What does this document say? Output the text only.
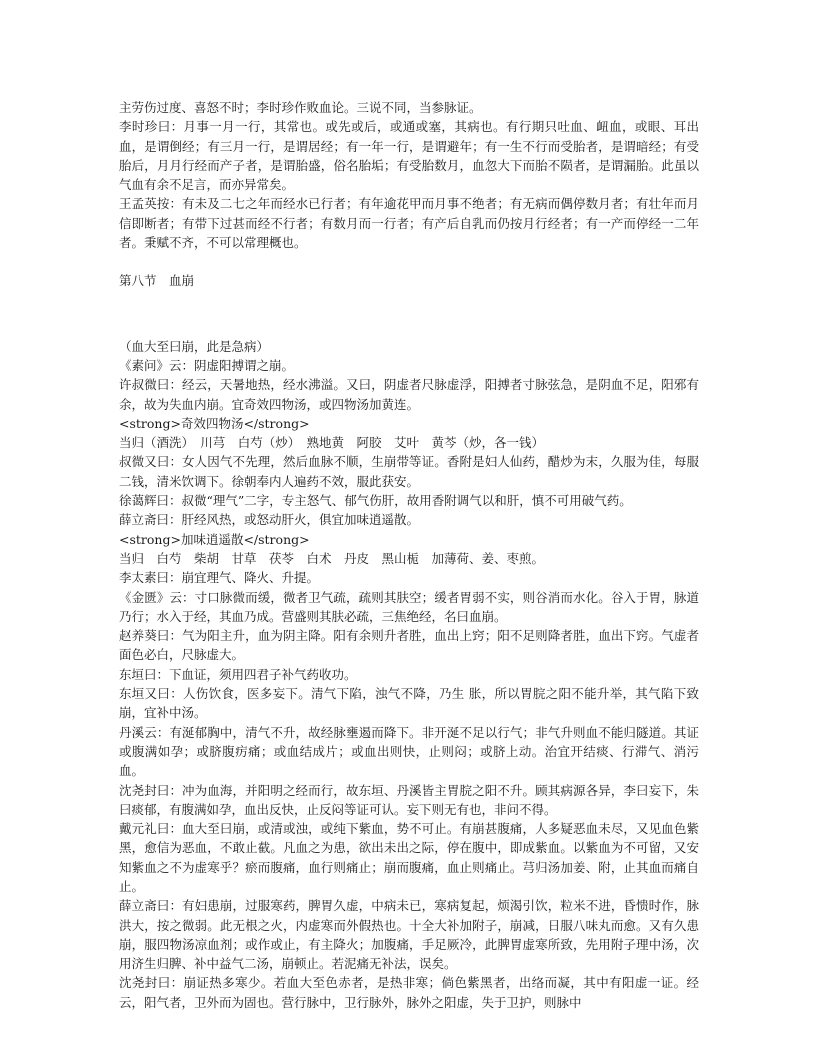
主劳伤过度、喜怒不时；李时珍作败血论。三说不同，当参脉证。

李时珍曰：月事一月一行，其常也。或先或后，或通或塞，其病也。有行期只吐血、衄血，或眼、耳出血，是谓倒经；有三月一行，是谓居经；有一年一行，是谓避年；有一生不行而受胎者，是谓暗经；有受胎后，月月行经而产子者，是谓胎盛，俗名胎垢；有受胎数月，血忽大下而胎不陨者，是谓漏胎。此虽以气血有余不足言，而亦异常矣。

王孟英按：有未及二七之年而经水已行者；有年逾花甲而月事不绝者；有无病而偶停数月者；有壮年而月信即断者；有带下过甚而经不行者；有数月而一行者；有产后自乳而仍按月行经者；有一产而停经一二年者。秉赋不齐，不可以常理概也。

第八节　血崩

（血大至曰崩，此是急病）

《素问》云：阴虚阳搏谓之崩。

许叔微曰：经云，天暑地热，经水沸溢。又曰，阴虚者尺脉虚浮，阳搏者寸脉弦急，是阴血不足，阳邪有余，故为失血内崩。宜奇效四物汤，或四物汤加黄连。

<strong>奇效四物汤</strong>

当归（酒洗）　川芎　白芍（炒）　熟地黄　阿胶　艾叶　黄芩（炒，各一钱）

叔微又曰：女人因气不先理，然后血脉不顺，生崩带等证。香附是妇人仙药，醋炒为末，久服为佳，每服二钱，清米饮调下。徐朝奉内人遍药不效，服此获安。

徐蔼辉曰：叔微“理气”二字，专主怒气、郁气伤肝，故用香附调气以和肝，慎不可用破气药。

薛立斋曰：肝经风热，或怒动肝火，俱宜加味逍遥散。

<strong>加味逍遥散</strong>

当归　白芍　柴胡　甘草　茯苓　白术　丹皮　黑山栀　加薄荷、姜、枣煎。

李太素曰：崩宜理气、降火、升提。

《金匮》云：寸口脉微而缓，微者卫气疏，疏则其肤空；缓者胃弱不实，则谷消而水化。谷入于胃，脉道乃行；水入于经，其血乃成。营盛则其肤必疏，三焦绝经，名曰血崩。

赵养葵曰：气为阳主升，血为阴主降。阳有余则升者胜，血出上窍；阳不足则降者胜，血出下窍。气虚者面色必白，尺脉虚大。

东垣曰：下血证，须用四君子补气药收功。

东垣又曰：人伤饮食，医多妄下。清气下陷，浊气不降，乃生 胀，所以胃脘之阳不能升举，其气陷下致崩，宜补中汤。

丹溪云：有涎郁胸中，清气不升，故经脉壅遏而降下。非开涎不足以行气；非气升则血不能归隧道。其证或腹满如孕；或脐腹疠痛；或血结成片；或血出则快，止则闷；或脐上动。治宜开结痰、行滞气、消污血。

沈尧封曰：冲为血海，并阳明之经而行，故东垣、丹溪皆主胃脘之阳不升。顾其病源各异，李曰妄下，朱曰痰郁，有腹满如孕，血出反快，止反闷等证可认。妄下则无有也，非问不得。

戴元礼曰：血大至曰崩，或清或浊，或纯下紫血，势不可止。有崩甚腹痛，人多疑恶血未尽，又见血色紫黑，愈信为恶血，不敢止截。凡血之为患，欲出未出之际，停在腹中，即成紫血。以紫血为不可留，又安知紫血之不为虚寒乎？瘀而腹痛，血行则痛止；崩而腹痛，血止则痛止。芎归汤加姜、附，止其血而痛自止。

薛立斋曰：有妇患崩，过服寒药，脾胃久虚，中病未已，寒病复起，烦渴引饮，粒米不进，昏愦时作，脉洪大，按之微弱。此无根之火，内虚寒而外假热也。十全大补加附子，崩减，日服八味丸而愈。又有久患崩，服四物汤凉血剂；或作或止，有主降火；加腹痛，手足厥冷，此脾胃虚寒所致，先用附子理中汤，次用济生归脾、补中益气二汤，崩顿止。若泥痛无补法，误矣。

沈尧封曰：崩证热多寒少。若血大至色赤者，是热非寒；倘色紫黑者，出络而凝，其中有阳虚一证。经云，阳气者，卫外而为固也。营行脉中，卫行脉外，脉外之阳虚，失于卫护，则脉中
